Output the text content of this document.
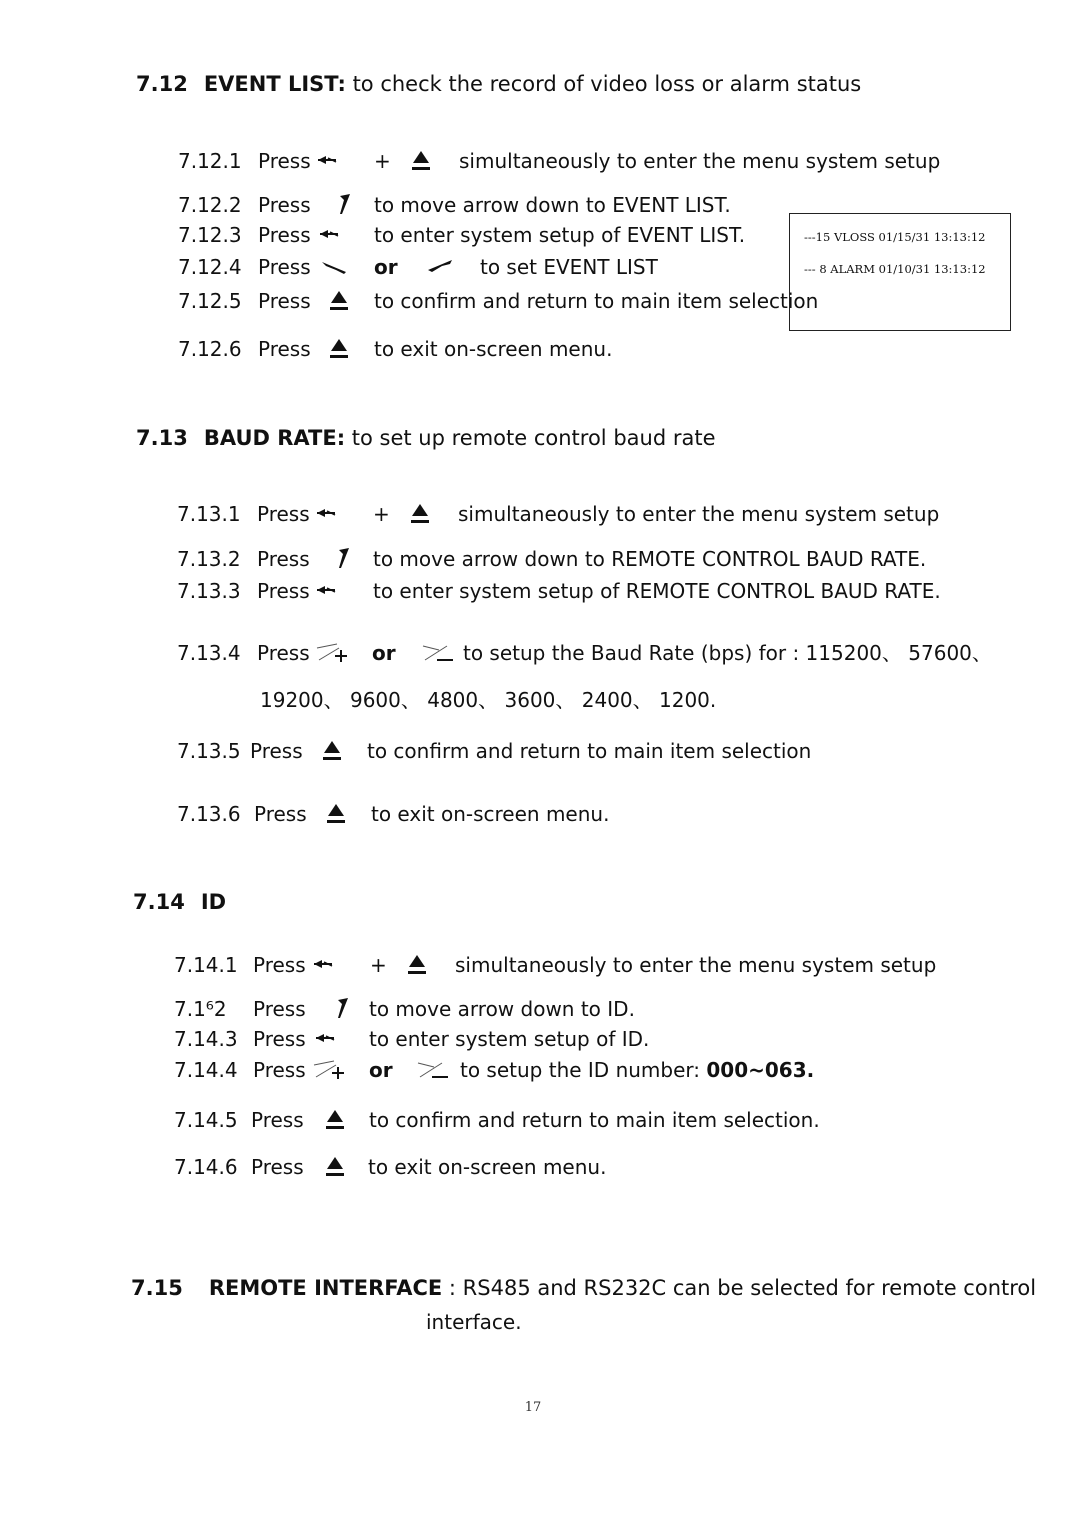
7.12 EVENT LIST: to check the record of video loss or alarm status
7.12.1 Press	+	simultaneously to enter the menu system setup
7.12.2 Press	to move arrow down to EVENT LIST.
7.12.3 Press	to enter system setup of EVENT LIST.
7.12.4 Press	or	to set EVENT LIST
7.12.5 Press	to confirm and return to main item selection
7.12.6 Press	to exit on-screen menu.
---15 VLOSS 01/15/31 13:13:12
--- 8 ALARM 01/10/31 13:13:12
7.13 BAUD RATE: to set up remote control baud rate
7.13.1 Press	+	simultaneously to enter the menu system setup
7.13.2 Press	to move arrow down to REMOTE CONTROL BAUD RATE.
7.13.3 Press	to enter system setup of REMOTE CONTROL BAUD RATE.
7.13.4 Press	or	to setup the Baud Rate (bps) for : 115200、 57600、
19200、 9600、 4800、 3600、 2400、 1200.
7.13.5 Press	to confirm and return to main item selection
7.13.6 Press	to exit on-screen menu.
7.14 ID
7.14.1 Press	+	simultaneously to enter the menu system setup
7.1⁶2 Press	to move arrow down to ID.
7.14.3 Press	to enter system setup of ID.
7.14.4 Press	or	to setup the ID number: 000~063.
7.14.5 Press	to confirm and return to main item selection.
7.14.6 Press	to exit on-screen menu.
7.15 REMOTE INTERFACE : RS485 and RS232C can be selected for remote control
interface.
17
